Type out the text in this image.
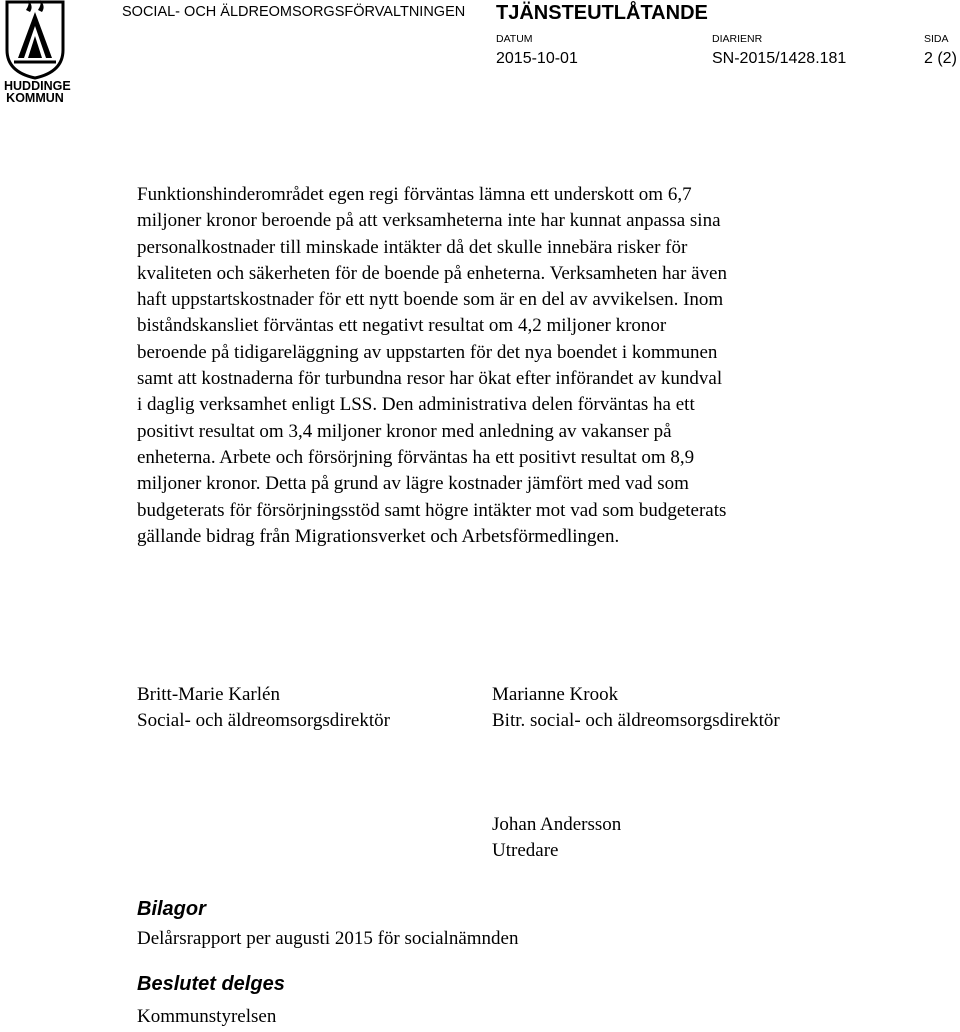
HUDDINGE
KOMMUN
SOCIAL- OCH ÄLDREOMSORGSFÖRVALTNINGEN TJÄNSTEUTLÅTANDE
DATUM	DIARIENR	SIDA
2015-10-01	SN-2015/1428.181	2 (2)
Funktionshinderområdet egen regi förväntas lämna ett underskott om 6,7
miljoner kronor beroende på att verksamheterna inte har kunnat anpassa sina
personalkostnader till minskade intäkter då det skulle innebära risker för
kvaliteten och säkerheten för de boende på enheterna. Verksamheten har även
haft uppstartskostnader för ett nytt boende som är en del av avvikelsen. Inom
biståndskansliet förväntas ett negativt resultat om 4,2 miljoner kronor
beroende på tidigareläggning av uppstarten för det nya boendet i kommunen
samt att kostnaderna för turbundna resor har ökat efter införandet av kundval
i daglig verksamhet enligt LSS. Den administrativa delen förväntas ha ett
positivt resultat om 3,4 miljoner kronor med anledning av vakanser på
enheterna. Arbete och försörjning förväntas ha ett positivt resultat om 8,9
miljoner kronor. Detta på grund av lägre kostnader jämfört med vad som
budgeterats för försörjningsstöd samt högre intäkter mot vad som budgeterats
gällande bidrag från Migrationsverket och Arbetsförmedlingen.
Britt-Marie Karlén
Social- och äldreomsorgsdirektör
Marianne Krook
Bitr. social- och äldreomsorgsdirektör
Johan Andersson
Utredare
Bilagor
Delårsrapport per augusti 2015 för socialnämnden
Beslutet delges
Kommunstyrelsen
